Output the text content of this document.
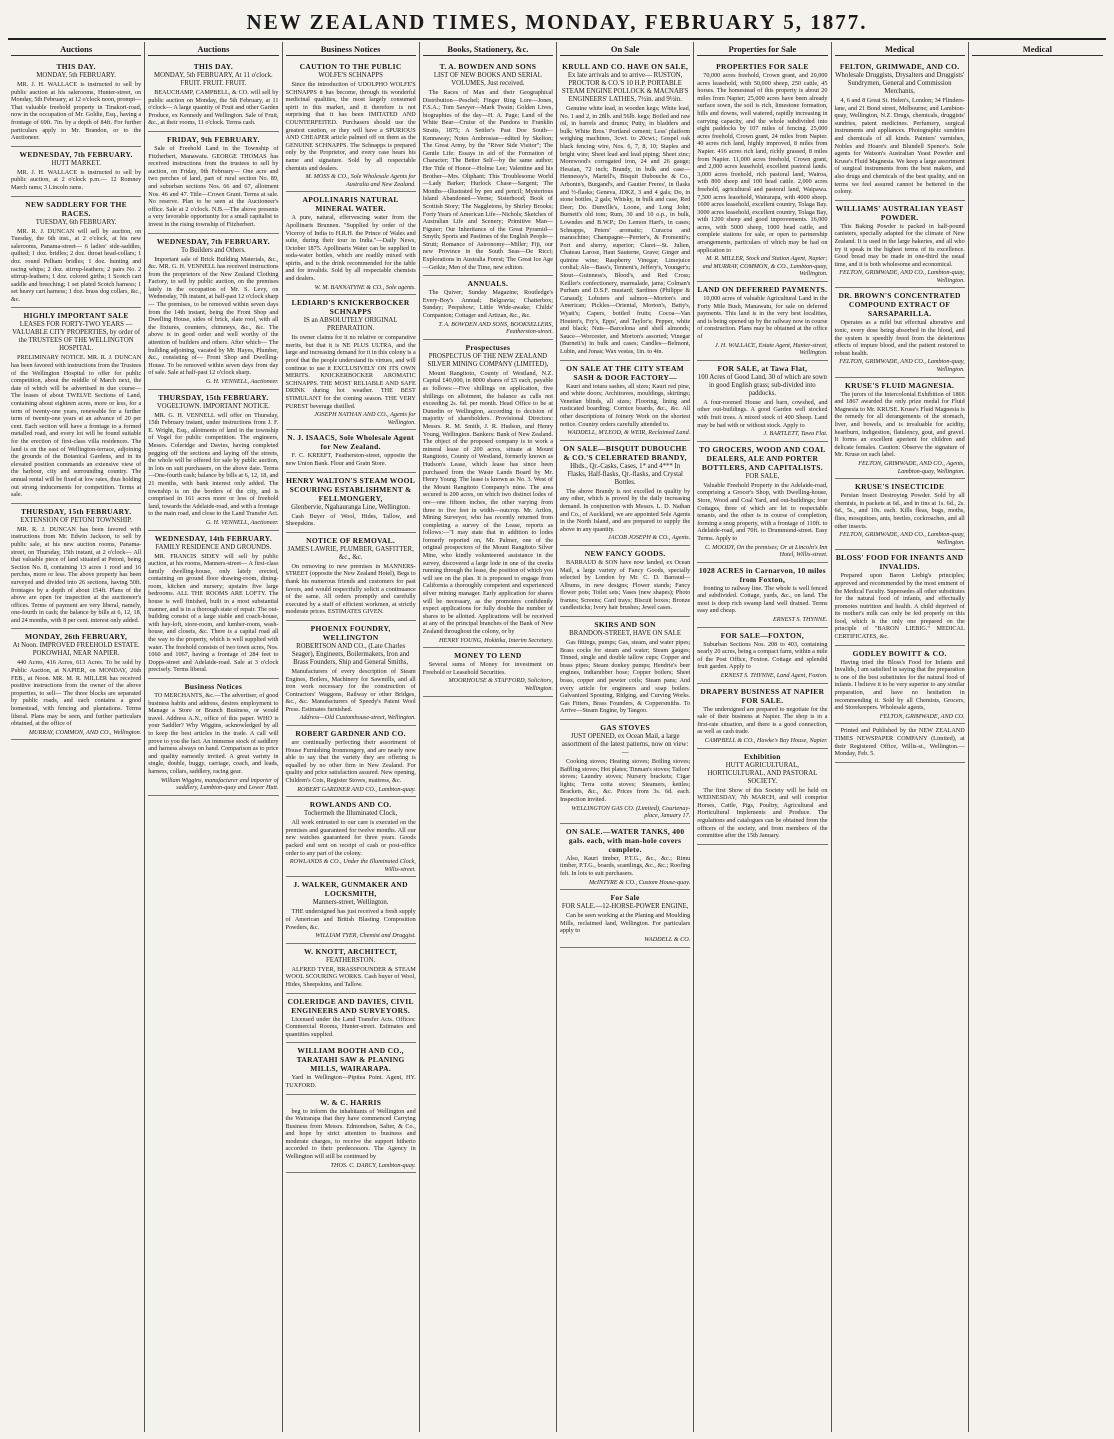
NEW ZEALAND TIMES, MONDAY, FEBRUARY 5, 1877.
Auctions
THIS DAY.
MONDAY, 5th FEBRUARY.

MR. J. H. WALLACE is instructed to sell by public auction at his salerooms, Hunter-street, on Monday, 5th February, at 12 o'clock noon, prompt— That valuable freehold property in Tinakori-road, now in the occupation of Mr. Goldie, Esq., having a frontage of 69ft. 7in. by a depth of 84ft. For further particulars apply to Mr. Brandon, or to the Auctioneer.

WEDNESDAY, 7th FEBRUARY.
HUTT MARKET.

MR. J. H. WALLACE is instructed to sell by public auction, at 2 o'clock p.m.— 12 Romney March rams; 3 Lincoln rams.

NEW SADDLERY FOR THE RACES.
TUESDAY, 6th FEBRUARY.

MR. R. J. DUNCAN will sell by auction, on Tuesday, the 6th inst., at 2 o'clock, at his new salerooms, Panama-street— 6 ladies' side-saddles, quilted; 1 doz. bridles; 2 doz. throat head-collars; 1 doz. round Pelham bridles; 1 doz. hunting and racing whips; 2 doz. stirrup-leathers; 2 pairs No. 2 stirrup-leathers; 1 doz. colored girths; 1 Scotch cart saddle and breeching; 1 set plated Scotch harness; 1 set heavy cart harness; 1 doz. brass dog collars, &c., &c.

HIGHLY IMPORTANT SALE
LEASES FOR FORTY-TWO YEARS — VALUABLE CITY PROPERTIES, by order of the TRUSTEES OF THE WELLINGTON HOSPITAL.

PRELIMINARY NOTICE. MR. R. J. DUNCAN has been favored with instructions from the Trustees of the Wellington Hospital to offer for public competition, about the middle of March next, the date of which will be advertised in due course— The leases of about TWELVE Sections of Land, containing about eighteen acres, more or less, for a term of twenty-one years, renewable for a further term of twenty-one years at an advance of 20 per cent. Each section will have a frontage to a formed metalled road, and every lot will be found suitable for the erection of first-class villa residences. The land is on the east of Wellington-terrace, adjoining the grounds of the Botanical Gardens, and in its elevated position commands an extensive view of the harbour, city and surrounding country. The annual rental will be fixed at low rates, thus holding out strong inducements for competition. Terms at sale.

THURSDAY, 15th FEBRUARY.
EXTENSION OF PETONI TOWNSHIP.

MR. R. J. DUNCAN has been favored with instructions from Mr. Edwin Jackson, to sell by public sale, at his new auction rooms, Panama-street, on Thursday, 15th instant, at 2 o'clock— All that valuable piece of land situated at Petoni, being Section No. 8, containing 13 acres 1 rood and 16 perches, more or less. The above property has been surveyed and divided into 26 sections, having 50ft. frontages by a depth of about 154ft. Plans of the above are open for inspection at the auctioneer's offices. Terms of payment are very liberal, namely, one-fourth in cash; the balance by bills at 6, 12, 18, and 24 months, with 8 per cent. interest only added.

MONDAY, 26th FEBRUARY,
At Noon. IMPROVED FREEHOLD ESTATE. POKOWHAI, NEAR NAPIER.

440 Acres, 416 Acres, 613 Acres. To be sold by Public Auction, at NAPIER, on MONDAY, 26th FEB., at Noon. MR. M. R. MILLER has received positive instructions from the owner of the above properties, to sell— The three blocks are separated by public roads, and each contains a good homestead, with fencing and plantations. Terms liberal. Plans may be seen, and further particulars obtained, at the office of

MURRAY, COMMON, AND CO., Wellington.
Auctions
THIS DAY.
MONDAY, 5th FEBRUARY, At 11 o'clock. FRUIT. FRUIT. FRUIT.

BEAUCHAMP, CAMPBELL, & CO. will sell by public auction on Monday, the 5th February, at 11 o'clock— A large quantity of Fruit and other Garden Produce, ex Kennedy and Wellington. Sale of Fruit, &c., at their rooms, 11 o'clock. Terms cash.

FRIDAY, 9th FEBRUARY.

Sale of Freehold Land in the Township of Fitzherbert, Manawatu. GEORGE THOMAS has received instructions from the trustees to sell by auction, on Friday, 9th February— One acre and two perches of land, part of rural section No. 89, and suburban sections Nos. 66 and 67, allotment Nos. 46 and 47. Title—Crown Grant. Terms at sale. No reserve. Plan to be seen at the Auctioneer's office. Sale at 2 o'clock. N.B.—The above presents a very favorable opportunity for a small capitalist to invest in the rising township of Fitzherbert.

WEDNESDAY, 7th FEBRUARY.
To Builders and Others.

Important sale of Brick Building Materials, &c., &c. MR. G. H. VENNELL has received instructions from the proprietors of the New Zealand Clothing Factory, to sell by public auction, on the premises lately in the occupation of Mr. S. Levy, on Wednesday, 7th instant, at half-past 12 o'clock sharp— The premises, to be removed within seven days from the 14th instant, being the Front Shop and Dwelling House, sides of brick, slate roof, with all the fixtures, counters, chimneys, &c., &c. The above is in good order and well worthy of the attention of builders and others. After which— The building adjoining, vacated by Mr. Hayes, Plumber, &c., consisting of— Front Shop and Dwelling-House. To be removed within seven days from day of sale. Sale at half-past 12 o'clock sharp.

G. H. VENNELL, Auctioneer.
THURSDAY, 15th FEBRUARY.
VOGELTOWN. IMPORTANT NOTICE.

MR. G. H. VENNELL will offer on Thursday, 15th February instant, under instructions from J. F. E. Wright, Esq., allotments of land in the township of Vogel for public competition. The engineers, Messrs. Coleridge and Davies, having completed pegging off the sections and laying off the streets, the whole will be offered for sale by public auction, in lots on suit purchasers, on the above date. Terms—One-fourth cash; balance by bills at 6, 12, 18, and 21 months, with bank interest only added. The township is on the borders of the city, and is comprised in 161 acres more or less of freehold land, towards the Adelaide-road, and with a frontage to the main road, and close to the Land Transfer Act.

G. H. VENNELL, Auctioneer.
WEDNESDAY, 14th FEBRUARY.
FAMILY RESIDENCE AND GROUNDS.

MR. FRANCIS SIDEY will sell by public auction, at his rooms, Manners-street— A first-class family dwelling-house, only lately erected, containing on ground floor drawing-room, dining-room, kitchen and nursery; upstairs five large bedrooms. ALL THE ROOMS ARE LOFTY. The house is well finished, built in a most substantial manner, and is in a thorough state of repair. The out-building consist of a large stable and coach-house, with hay-loft, store-room, and lumber-room, wash-house, and closets, &c. There is a capital road all the way to the property, which is well supplied with water. The freehold consists of two town acres, Nos. 1060 and 1067, having a frontage of 284 feet to Dopps-street and Adelaide-road. Sale at 3 o'clock precisely. Terms liberal.

Business Notices

TO MERCHANTS, &c.—The advertiser, of good business habits and address, desires employment to Manage a Store or Branch Business, or would travel. Address A.N., office of this paper. WHO is your Saddler? Why Wiggins, acknowledged by all to keep the best articles in the trade. A call will prove to you the fact. An immense stock of saddlery and harness always on hand. Comparison as to price and quality earnestly invited. A great variety in single, double, buggy, carriage, coach, and leads, harness, collars, saddlery, racing gear.

William Wiggins, manufacturer and importer of saddlery, Lambton-quay and Lower Hutt.
Business Notices
CAUTION TO THE PUBLIC
WOLFE'S SCHNAPPS

Since the introduction of UDOLPHO WOLFE'S SCHNAPPS it has become, through its wonderful medicinal qualities, the most largely consumed spirit in this market, and it therefore is not surprising that it has been IMITATED AND COUNTERFEITED. Purchasers should use the greatest caution, or they will have a SPURIOUS AND CHEAPER article palmed off on them as the GENUINE SCHNAPPS. The Schnapps is prepared only by the Proprietor, and every case bears his name and signature. Sold by all respectable chemists and dealers.

M. MOSS & CO., Sole Wholesale Agents for Australia and New Zealand.
APOLLINARIS NATURAL MINERAL WATER.

A pure, natural, effervescing water from the Apollinaris Brunnen. "Supplied by order of the Viceroy of India to H.R.H. the Prince of Wales and suite, during their tour in India."—Daily News, October 1875. Apollinaris Water can be supplied in soda-water bottles, which are readily mixed with spirits, and is the drink recommended for the table and for invalids. Sold by all respectable chemists and dealers.

W. M. BANNATYNE & CO., Sole agents.
LEDIARD'S KNICKERBOCKER SCHNAPPS
IS an ABSOLUTELY ORIGINAL PREPARATION.

Its owner claims for it no relative or comparative merits, but that it is NE PLUS ULTRA, and the large and increasing demand for it in this colony is a proof that the people understand its virtues, and will continue to use it EXCLUSIVELY ON ITS OWN MERITS. KNICKERBOCKER AROMATIC SCHNAPPS. THE MOST RELIABLE AND SAFE DRINK during hot weather. THE BEST STIMULANT for the coming season. THE VERY PUREST beverage distilled.

JOSEPH NATHAN AND CO., Agents for Wellington.
N. J. ISAACS, Sole Wholesale Agent for New Zealand.

F. C. KREEFT, Featherston-street, opposite the new Union Bank. Flour and Grain Store.

HENRY WALTON'S STEAM WOOL SCOURING ESTABLISHMENT & FELLMONGERY,
Glenbervie, Ngahauranga Line, Wellington.

Cash Buyer of Wool, Hides, Tallow, and Sheepskins.

NOTICE OF REMOVAL.
JAMES LAWRIE, PLUMBER, GASFITTER, &c., &c.

On removing to new premises in MANNERS-STREET (opposite the New Zealand Hotel), Begs to thank his numerous friends and customers for past favors, and would respectfully solicit a continuance of the same. All orders promptly and carefully executed by a staff of efficient workmen, at strictly moderate prices. ESTIMATES GIVEN.

PHOENIX FOUNDRY, WELLINGTON
ROBERTSON AND CO., (Late Charles Seager), Engineers, Boilermakers, Iron and Brass Founders, Ship and General Smiths,

Manufacturers of every description of Steam Engines, Boilers, Machinery for Sawmills, and all iron work necessary for the construction of Contractors' Waggons, Railway or other Bridges, &c., &c. Manufacturers of Speedy's Patent Wool Press. Estimates furnished.

Address—Old Customhouse-street, Wellington.
ROBERT GARDNER AND CO.

are continually perfecting their assortment of House Furnishing Ironmongery, and are nearly now able to say that the variety they are offering is equalled by no other firm in New Zealand. For quality and price satisfaction assured. New opening, Children's Cots, Register Stoves, mattress, &c.

ROBERT GARDNER AND CO., Lambton-quay.
ROWLANDS AND CO.
Tochermeh the Illuminated Clock,

All work entrusted to our care is executed on the premises and guaranteed for twelve months. All our new watches guaranteed for three years. Goods packed and sent on receipt of cash or post-office order to any part of the colony.

ROWLANDS & CO., Under the Illuminated Clock, Willis-street.
J. WALKER, GUNMAKER AND LOCKSMITH,
Manners-street, Wellington.

THE undersigned has just received a fresh supply of American and British Blasting Composition Powders, &c.

WILLIAM TYER, Chemist and Druggist.
W. KNOTT, ARCHITECT,
FEATHERSTON.

ALFRED TYER, BRASSFOUNDER & STEAM WOOL SCOURING WORKS. Cash buyer of Wool, Hides, Sheepskins, and Tallow.

COLERIDGE AND DAVIES, CIVIL ENGINEERS AND SURVEYORS.

Licensed under the Land Transfer Acts. Offices: Commercial Rooms, Hunter-street. Estimates and quantities supplied.

WILLIAM BOOTH AND CO., TARATAHI SAW & PLANING MILLS, WAIRARAPA.

Yard in Wellington—Pipitea Point. Agent, HY. TUXFORD.

W. & C. HARRIS

beg to inform the inhabitants of Wellington and the Wairarapa that they have commenced Carrying Business from Messrs. Edmondson, Salter, & Co., and hope by strict attention to business and moderate charges, to receive the support hitherto accorded to their predecessors. The Agency in Wellington will still be continued by

THOS. C. DARCY, Lambton-quay.
Books, Stationery, &c.
T. A. BOWDEN AND SONS
LIST OF NEW BOOKS AND SERIAL VOLUMES, Just received.

The Races of Man and their Geographical Distribution—Peschel; Finger Ring Lore—Jones, F.S.A.; Tom Sawyer—Mark Twain; Golden Lives, biographies of the day—H. A. Page; Land of the White Bear—Cruise of the Pandora to Franklin Straits, 1875; A Settler's Past Doe South—Kennaway; Notes Ambrosiae—edited by Skelton; The Great Army, by the "River Side Visitor"; The Gentle Life: Essays in aid of the Formation of Character; The Better Self—by the same author; Her Title of Honor—Holme Lee; Valentine and his Brother—Mrs. Oliphant; This Troublesome World—Lady Barker; Hurlock Chase—Sargent; The Months—illustrated by pen and pencil; Mysterious Island Abandoned—Verne; Sisterhood; Book of Scottish Story; The Naggletons, by Shirley Brooks; Forty Years of American Life—Nichols; Sketches of Australian Life and Scenery; Primitive Man—Figuier; Our Inheritance of the Great Pyramid—Smyth; Sports and Pastimes of the English People—Strutt; Romance of Astronomy—Miller; Fiji, our new Province in the South Seas—De Ricci; Explorations in Australia Forest; The Great Ice Age—Geikie; Men of the Time, new edition.

ANNUALS.

The Quiver; Sunday Magazine; Routledge's Every-Boy's Annual; Belgravia; Chatterbox; Sunday; Peepshow; Little Wide-awake; Childs' Companion; Cottager and Artizan, &c., &c.

T. A. BOWDEN AND SONS, BOOKSELLERS, Featherston-street.
Prospectuses
PROSPECTUS OF THE NEW ZEALAND SILVER MINING COMPANY (LIMITED),

Mount Rangitoto, County of Westland, N.Z. Capital £40,000, in 8000 shares of £5 each, payable as follows:—Five shillings on application, five shillings on allotment, the balance as calls not exceeding 2s. 6d. per month. Head Office to be at Dunedin or Wellington, according to decision of majority of shareholders. Provisional Directors: Messrs. R. M. Smith, J. R. Hudson, and Henry Young, Wellington. Bankers: Bank of New Zealand. The object of the proposed company is to work a mineral lease of 200 acres, situate at Mount Rangitoto, County of Westland, formerly known as Hudson's Lease, which lease has since been purchased from the Waste Lands Board by Mr. Henry Young. The lease is known as No. 3. West of the Mount Rangitoto Company's mine. The area secured is 200 acres, on which two distinct lodes of ore—one fifteen inches, the other varying from three to five feet in width—outcrop. Mr. Artlon, Mining Surveyor, who has recently returned from completing a survey of the Lease, reports as follows:—"I may state that in addition to lodes formerly reported on, Mr. Palmer, one of the original prospectors of the Mount Rangitoto Silver Mine, who kindly volunteered assistance in the survey, discovered a large lode in one of the creeks running through the lease, the position of which you will see on the plan. It is proposed to engage from California a thoroughly competent and experienced silver mining manager. Early application for shares will be necessary, as the promoters confidently expect applications for fully double the number of shares to be allotted. Applications will be received at any of the principal branches of the Bank of New Zealand throughout the colony, or by

HENRY YOUNG, Hokitika, Interim Secretary.
MONEY TO LEND

Several sums of Money for investment on Freehold or Leasehold Securities.

MOORHOUSE & STAFFORD, Solicitors, Wellington.
On Sale
KRULL AND CO. HAVE ON SALE,
Ex late arrivals and to arrive— RUSTON, PROCTOR & CO.'S 10 H.P. PORTABLE STEAM ENGINE POLLOCK & MACNAB'S ENGINEERS' LATHES, 7½in. and 9½in.

Genuine white lead, in wooden kegs; White lead, No. 1 and 2, in 28lb. and 56lb. kegs; Boiled and raw oil, in barrels and drums; Putty, in bladders and bulk; White Bros.' Portland cement; Less' platform weighing machines, 3cwt. to 20cwt.; Gospel oak black fencing wire, Nos. 6, 7, 8, 10; Staples and bright wire; Sheet lead and lead piping; Sheet zinc; Morewood's corrugated iron, 24 and 26 gauge; Hessian, 72 inch; Brandy, in bulk and case—Hennessy's, Martell's, Bisquit Dubouche & Co., Arbonin's, Burgand's, and Gautier Freres', in flasks and ½-flasks; Geneva, JDKZ, 3 and 4 gals; Do, in stone bottles, 2 gals; Whisky, in bulk and case, Red Deer; Do. Dunville's, Loone, and Long John; Burnett's old tom; Rum, 30 and 10 o.p., in bulk, Lowndes and B.W.P.; Do Lemon Hart's, in cases; Schnapps, Peters' aromatic; Curacoa and maraschino; Champagne—Perrier's, & Fromenti's; Port and sherry, superior; Claret—St. Julien, Chateau Larose, Haut Sauterne, Grave; Ginger and quinine wine; Raspberry Vinegar; Limejuice cordial; Ale—Bass's, Tennent's, Jeffery's, Younger's; Stout—Guinness's, Blood's, and Red Cross; Keiller's confectionery, marmalade, jams; Colman's Purham and D.S.F. mustard; Sardines (Philippe & Canaud); Lobsters and salmon—Morton's and American; Pickles—Oriental, Morton's, Batty's, Wyatt's; Capers, bottled fruits; Cocoa—Van Houten's, Fry's, Epps', and Taylor's; Pepper, white and black; Nuts—Barcelona and shell almonds; Sauce—Worcester, and Morton's assorted; Vinegar (Burnett's) in bulk and cases; Candles—Belmont, Lubin, and Jonas; Wax vestas, 1in. to 4in.

ON SALE AT THE CITY STEAM SASH & DOOR FACTORY—

Kauri and totara sashes, all sizes; Kauri red pine, and white doors; Architraves, mouldings, skirtings; Venetian blinds, all sizes; Flooring, lining and rusticated boarding; Cornice boards, &c., &c. All other descriptions of Joinery Work on the shortest notice. Country orders carefully attended to.

WADDELL, M'LEOD, & WEIR, Reclaimed Land.
ON SALE—BISQUIT DUBOUCHE & CO.'S CELEBRATED BRANDY,
Hhds., Qr.-Casks, Cases, 1* and 4*** In Flasks, Half-flasks, Qr.-flasks, and Crystal Bottles.

The above Brandy is not excelled in quality by any other, which is proved by the daily increasing demand. In conjunction with Messrs. L. D. Nathan and Co., of Auckland, we are appointed Sole Agents in the North Island, and are prepared to supply the above in any quantity.

JACOB JOSEPH & CO., Agents.
NEW FANCY GOODS.

BARRAUD & SON have now landed, ex Ocean Mail, a large variety of Fancy Goods, specially selected by London by Mr. C. D. Barraud— Albums, in new designs; Flower stands; Fancy flower pots; Toilet sets; Vases (new shapes); Photo frames; Screens; Card trays; Biscuit boxes; Bronze candlesticks; Ivory hair brushes; Jewel cases.

SKIRS AND SON
BRANDON-STREET, HAVE ON SALE

Gas fittings, pumps; Gas, steam, and water pipes; Brass cocks for steam and water; Steam gauges; Tinned, single and double tallow cups; Copper and brass pipes; Steam donkey pumps; Hendrie's beer engines, indiarubber hose; Copper boilers; Sheet brass, copper and pewter coils; Steam pans; And every article for engineers and soap boilers. Galvanized Spouting, Ridging, and Curving Works. Gas Fitters, Brass Founders, & Coppersmiths. To Arrive—Steam Engine, by Tangoo.

GAS STOVES
JUST OPENED, ex Ocean Mail, a large assortment of the latest patterns, now on view:—

Cooking stoves; Heating stoves; Boiling stoves; Baffling stoves; Hot plates; Tinman's stoves; Tailors' stoves; Laundry stoves; Nursery brackets; Cigar lights; Terra cotta stoves; Steamers, kettles; Brackets, &c., &c. Prices from 3s. 6d. each. Inspection invited.

WELLINGTON GAS CO. (Limited), Courtenay-place, January 17.
ON SALE.—WATER TANKS, 400 gals. each, with man-hole covers complete.

Also, Kauri timber, P.T.G., &c., &c.; Rimu timber, P.T.G., boards, scantlings, &c., &c.; Roofing felt. In lots to suit purchasers.

McINTYRE & CO., Custom House-quay.
For Sale
FOR SALE.—12-HORSE-POWER ENGINE,

Can be seen working at the Planing and Moulding Mills, reclaimed land, Wellington. For particulars apply to

WADDELL & CO.
Properties for Sale
PROPERTIES FOR SALE

70,000 acres freehold, Crown grant, and 20,000 acres leasehold, with 50,000 sheep, 250 cattle, 45 horses. The homestead of this property is about 20 miles from Napier; 25,000 acres have been already surface sown, the soil is rich, limestone formation, hills and downs, well watered, rapidly increasing in carrying capacity, and the whole subdivided into eight paddocks by 107 miles of fencing. 25,000 acres freehold, Crown grant, 24 miles from Napier. 40 acres rich land, highly improved, 8 miles from Napier. 416 acres rich land, richly grassed, 8 miles from Napier. 11,000 acres freehold, Crown grant, and 2,000 acres leasehold, excellent pastoral lands. 3,000 acres freehold, rich pastoral land, Wairoa, with 800 sheep and 100 head cattle. 2,000 acres freehold, agricultural and pastoral land, Waipawa. 7,500 acres leasehold, Wairarapa, with 4000 sheep. 1600 acres leasehold, excellent country, Tolaga Bay. 3000 acres leasehold, excellent country, Tolaga Bay, with 1200 sheep and good improvements. 16,000 acres, with 5000 sheep, 1000 head cattle, and complete stations for sale, or open to partnership arrangements, particulars of which may be had on application to

M. R. MILLER, Stock and Station Agent, Napier; and MURRAY, COMMON, & CO., Lambton-quay, Wellington.
LAND ON DEFERRED PAYMENTS.

10,000 acres of valuable Agricultural Land in the Forty Mile Bush, Manawatu, for sale on deferred payments. This land is in the very best localities, and is being opened up by the railway now in course of construction. Plans may be obtained at the office of

J. H. WALLACE, Estate Agent, Hunter-street, Wellington.
FOR SALE, at Tawa Flat,
100 Acres of Good Land, 30 of which are sown in good English grass; sub-divided into paddocks.

A four-roomed House and barn, cowshed, and other out-buildings. A good Garden well stocked with fruit trees. A mixed stock of 400 Sheep. Land may be had with or without stock. Apply to

J. BARTLETT, Tawa Flat.
TO GROCERS, WOOD AND COAL DEALERS, ALE AND PORTER BOTTLERS, AND CAPITALISTS.
FOR SALE,

Valuable Freehold Property in the Adelaide-road, comprising a Grocer's Shop, with Dwelling-house, Store, Wood and Coal Yard, and out-buildings; four Cottages, three of which are let to respectable tenants, and the other is in course of completion, forming a snug property, with a frontage of 110ft. to Adelaide-road, and 70ft. to Drummond-street. Easy Terms. Apply to

C. MOODY, On the premises; Or at Lincoln's Inn Hotel, Willis-street.
1028 ACRES in Carnarvon, 10 miles from Foxton,

fronting to railway line. The whole is well fenced and subdivided. Cottage, yards, &c., on land. The most is deep rich swamp land well drained. Terms easy and cheap.

ERNEST S. THYNNE.
FOR SALE—FOXTON,

Suburban Sections Nos. 208 to 403, containing nearly 20 acres, being a compact farm, within a mile of the Post Office, Foxton. Cottage and splendid fruit garden. Apply to

ERNEST S. THYNNE, Land Agent, Foxton.
DRAPERY BUSINESS AT NAPIER FOR SALE.

The undersigned are prepared to negotiate for the sale of their business at Napier. The shop is in a first-rate situation, and there is a good connection, as well as cash trade.

CAMPBELL & CO., Hawke's Bay House, Napier.
Exhibition
HUTT AGRICULTURAL, HORTICULTURAL, AND PASTORAL SOCIETY.

The first Show of this Society will be held on WEDNESDAY, 7th MARCH, and will comprise Horses, Cattle, Pigs, Poultry, Agricultural and Horticultural Implements and Produce. The regulations and catalogues can be obtained from the officers of the society, and from members of the committee after the 15th January.

Medical
FELTON, GRIMWADE, AND CO.
Wholesale Druggists, Drysalters and Druggists' Sundrymen, General and Commission Merchants,

4, 6 and 8 Great St. Helen's, London; 34 Flinders-lane, and 21 Bond street, Melbourne; and Lambton-quay, Wellington, N.Z. Drugs, chemicals, druggists' sundries, patent medicines. Perfumery, surgical instruments and appliances. Photographic sundries and chemicals of all kinds. Painters' varnishes, Nobles and Hoare's and Blundell Spence's. Sole agents for Watson's Australian Yeast Powder and Kruse's Fluid Magnesia. We keep a large assortment of surgical instruments from the best makers, and also drugs and chemicals of the best quality, and on terms we feel assured cannot be bettered in the colony.

WILLIAMS' AUSTRALIAN YEAST POWDER.

This Baking Powder is packed in half-pound canisters, specially adapted for the climate of New Zealand. It is used in the large bakeries, and all who try it speak in the highest terms of its excellence. Good bread may be made in one-third the usual time, and it is both wholesome and economical.

FELTON, GRIMWADE, AND CO., Lambton-quay, Wellington.
DR. BROWN'S CONCENTRATED COMPOUND EXTRACT OF SARSAPARILLA.

Operates as a mild but effectual alterative and tonic, every dose being absorbed in the blood, and the system is speedily freed from the deleterious effects of impure blood, and the patient restored to robust health.

FELTON, GRIMWADE, AND CO., Lambton-quay, Wellington.
KRUSE'S FLUID MAGNESIA.

The jurors of the Intercolonial Exhibition of 1866 and 1867 awarded the only prize medal for Fluid Magnesia to Mr. KRUSE. Kruse's Fluid Magnesia is the remedy for all derangements of the stomach, liver, and bowels, and is invaluable for acidity, heartburn, indigestion, flatulency, gout, and gravel. It forms an excellent aperient for children and delicate females. Caution: Observe the signature of Mr. Kruse on each label.

FELTON, GRIMWADE, AND CO., Agents, Lambton-quay, Wellington.
KRUSE'S INSECTICIDE

Persian Insect Destroying Powder. Sold by all chemists, in packets at 6d., and in tins at 1s. 6d., 2s. 6d., 5s., and 10s. each. Kills fleas, bugs, moths, flies, mosquitoes, ants, beetles, cockroaches, and all other insects.

FELTON, GRIMWADE, AND CO., Lambton-quay, Wellington.
BLOSS' FOOD FOR INFANTS AND INVALIDS.

Prepared upon Baron Liebig's principles; approved and recommended by the most eminent of the Medical Faculty. Supersedes all other substitutes for the natural food of infants, and effectually promotes nutrition and health. A child deprived of its mother's milk can only be fed properly on this food, which is the only one prepared on the principle of "BARON LIEBIG." MEDICAL CERTIFICATES, &c.

GODLEY BOWITT & CO.

Having tried the Bloss's Food for Infants and Invalids, I am satisfied in saying that the preparation is one of the best substitutes for the natural food of infants. I believe it to be very superior to any similar preparation, and have no hesitation in recommending it. Sold by all Chemists, Grocers, and Storekeepers. Wholesale agents,

FELTON, GRIMWADE, AND CO.

Printed and Published by the NEW ZEALAND TIMES NEWSPAPER COMPANY (Limited), at their Registered Office, Willis-st., Wellington.—Monday, Feb. 5.

Medical
